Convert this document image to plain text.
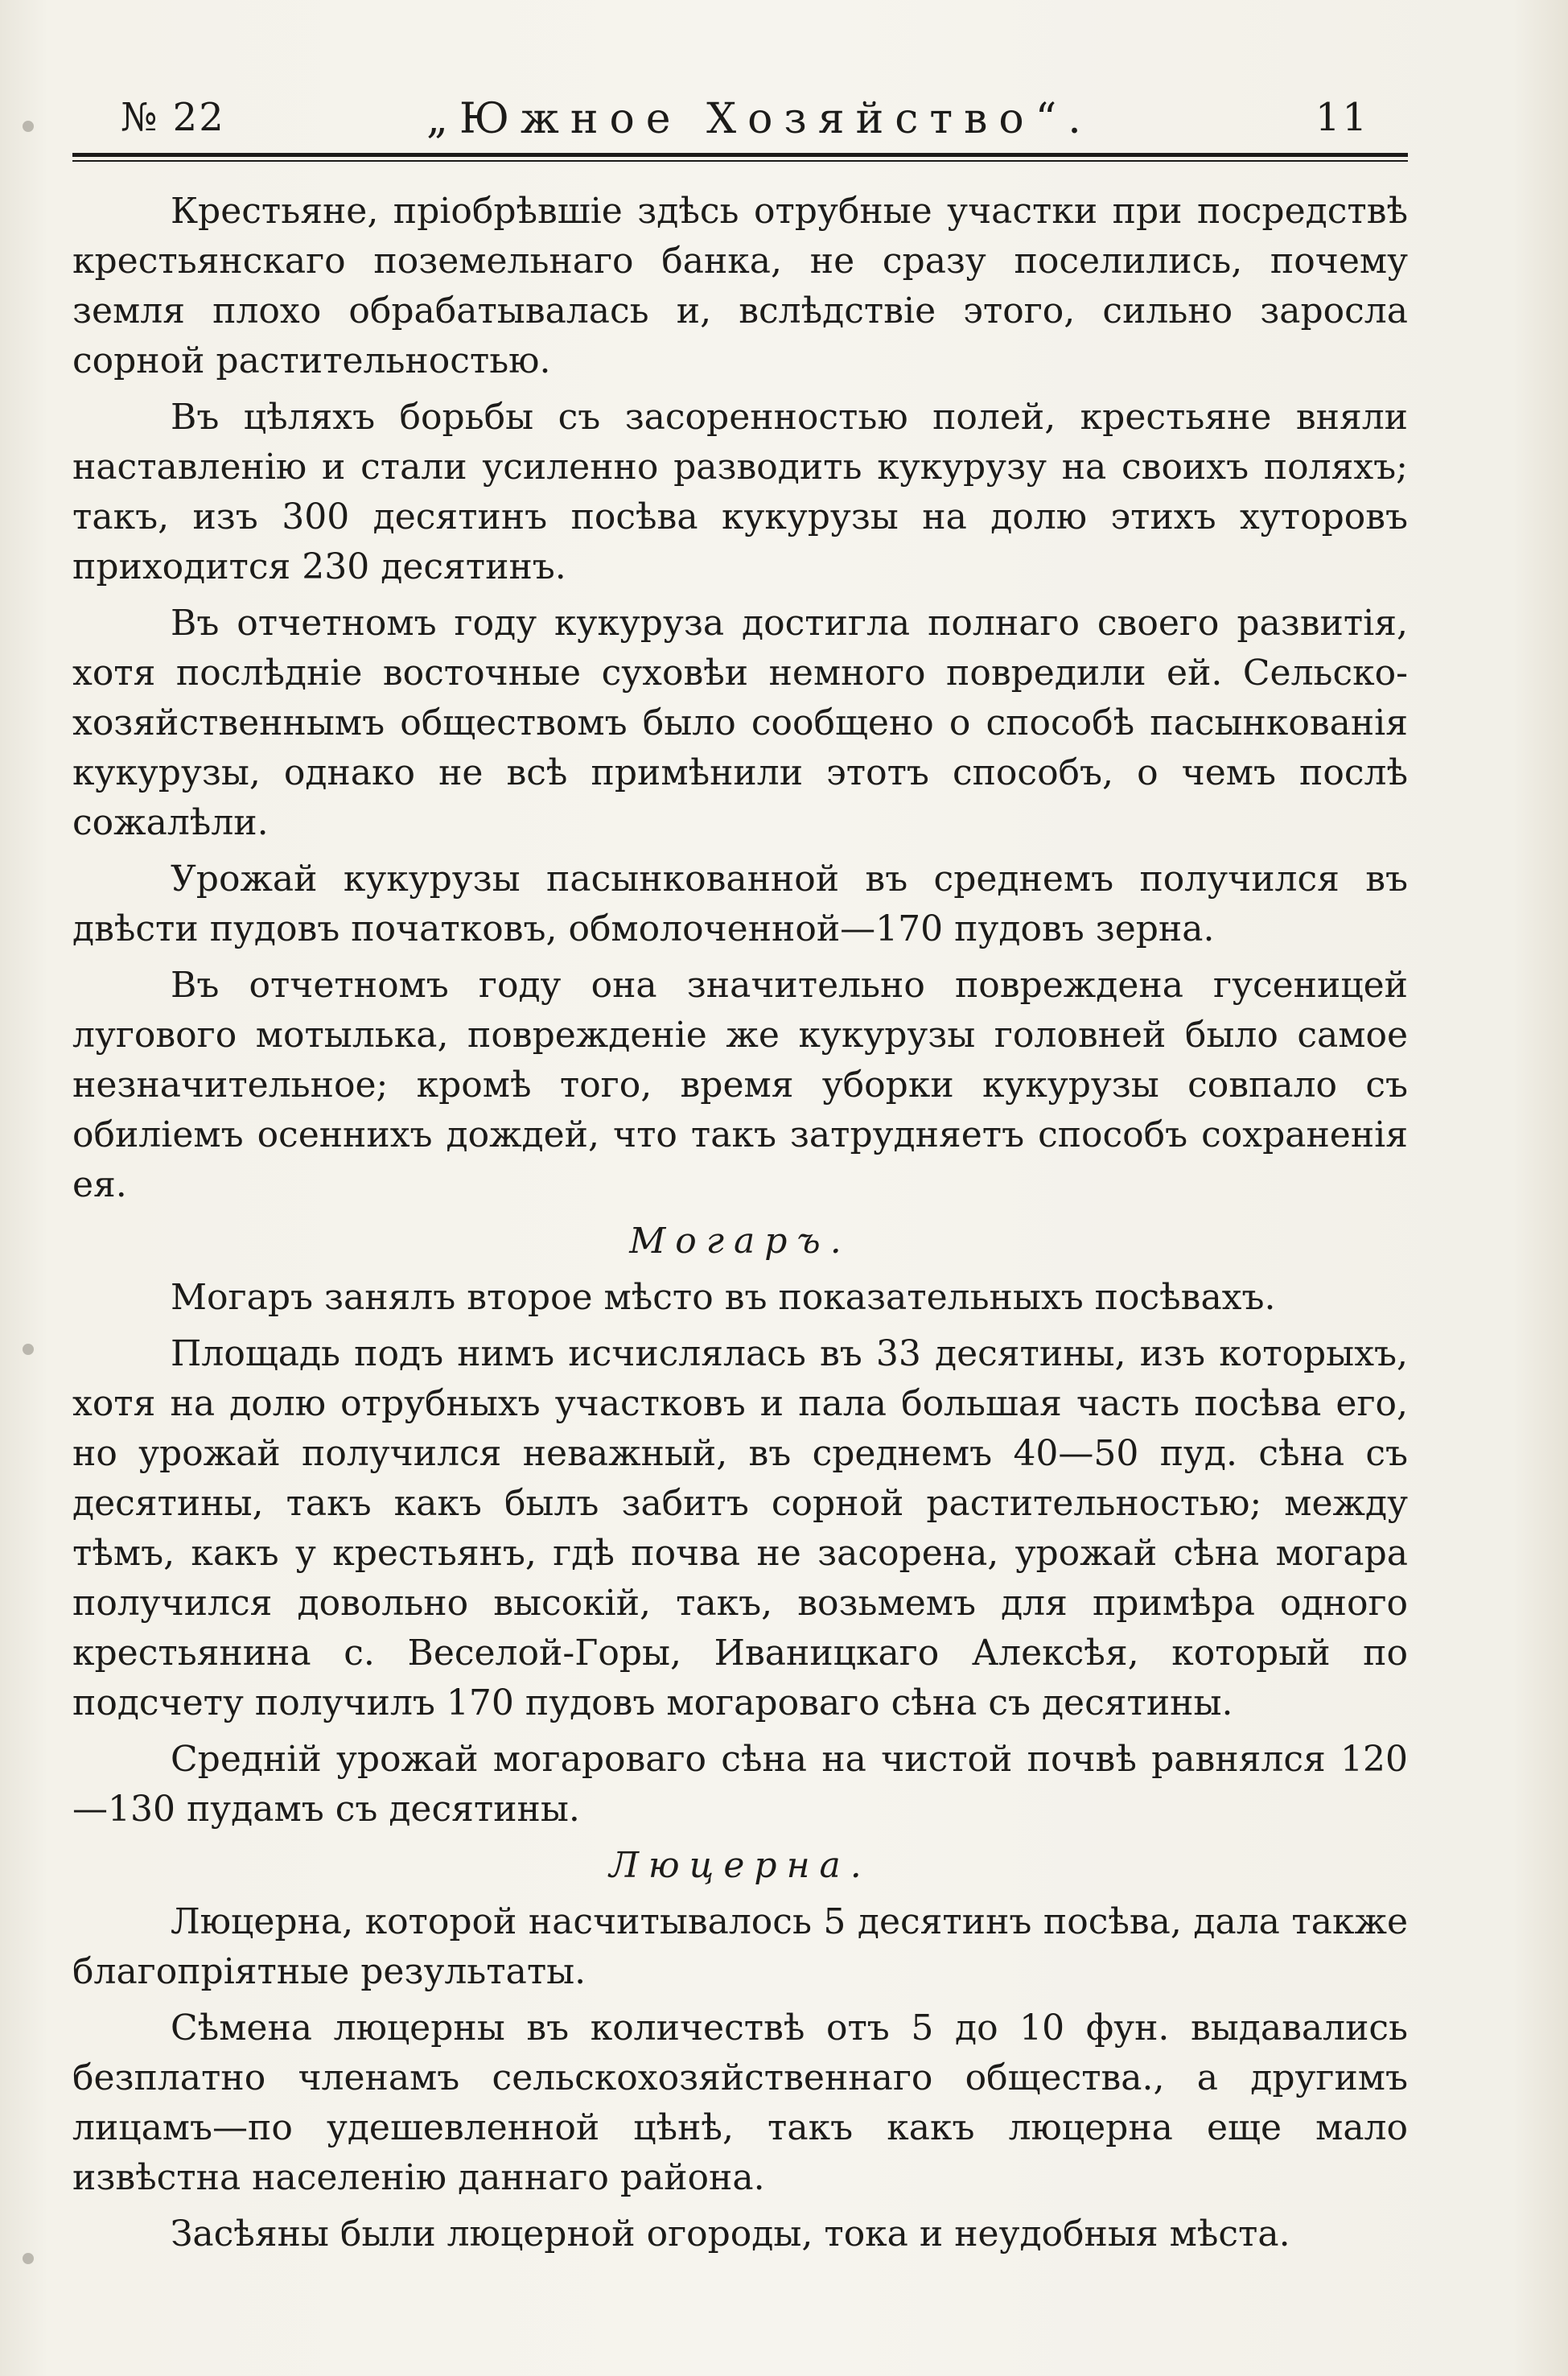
№ 22	„Южное Хозяйство“.	11

Крестьяне, пріобрѣвшіе здѣсь отрубные участки при посредствѣ крестьянскаго поземельнаго банка, не сразу поселились, почему земля плохо обрабатывалась и, вслѣдствіе этого, сильно заросла сорной растительностью.

Въ цѣляхъ борьбы съ засоренностью полей, крестьяне вняли наставленію и стали усиленно разводить кукурузу на своихъ поляхъ; такъ, изъ 300 десятинъ посѣва кукурузы на долю этихъ хуторовъ приходится 230 десятинъ.

Въ отчетномъ году кукуруза достигла полнаго своего развитія, хотя послѣдніе восточные суховѣи немного повредили ей. Сельско-хозяйственнымъ обществомъ было сообщено о способѣ пасынкованія кукурузы, однако не всѣ примѣнили этотъ способъ, о чемъ послѣ сожалѣли.

Урожай кукурузы пасынкованной въ среднемъ получился въ двѣсти пудовъ початковъ, обмолоченной—170 пудовъ зерна.

Въ отчетномъ году она значительно повреждена гусеницей лугового мотылька, поврежденіе же кукурузы головней было самое незначительное; кромѣ того, время уборки кукурузы совпало съ обиліемъ осеннихъ дождей, что такъ затрудняетъ способъ сохраненія ея.

Могаръ.

Могаръ занялъ второе мѣсто въ показательныхъ посѣвахъ.

Площадь подъ нимъ исчислялась въ 33 десятины, изъ которыхъ, хотя на долю отрубныхъ участковъ и пала большая часть посѣва его, но урожай получился неважный, въ среднемъ 40—50 пуд. сѣна съ десятины, такъ какъ былъ забитъ сорной растительностью; между тѣмъ, какъ у крестьянъ, гдѣ почва не засорена, урожай сѣна могара получился довольно высокій, такъ, возьмемъ для примѣра одного крестьянина с. Веселой-Горы, Иваницкаго Алексѣя, который по подсчету получилъ 170 пудовъ могароваго сѣна съ десятины.

Средній урожай могароваго сѣна на чистой почвѣ равнялся 120—130 пудамъ съ десятины.

Люцерна.

Люцерна, которой насчитывалось 5 десятинъ посѣва, дала также благопріятные результаты.

Сѣмена люцерны въ количествѣ отъ 5 до 10 фун. выдавались безплатно членамъ сельскохозяйственнаго общества., а другимъ лицамъ—по удешевленной цѣнѣ, такъ какъ люцерна еще мало извѣстна населенію даннаго района.

Засѣяны были люцерной огороды, тока и неудобныя мѣста.
